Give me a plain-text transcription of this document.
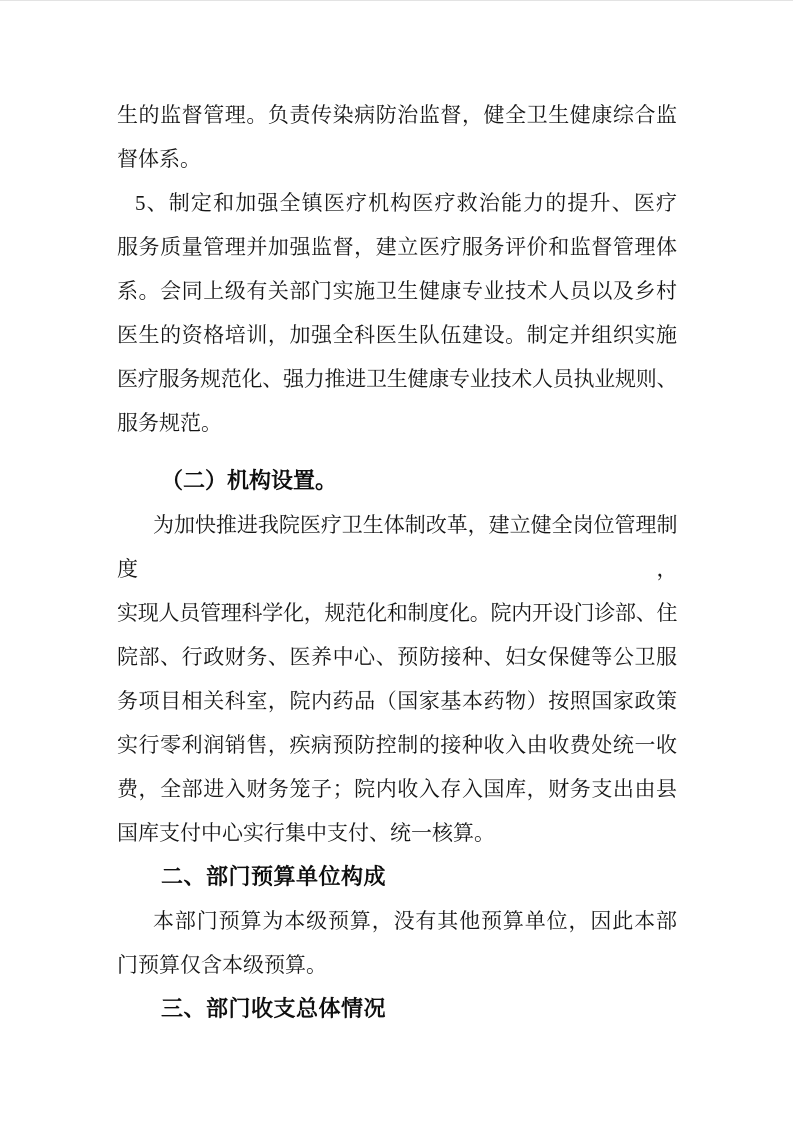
生的监督管理。负责传染病防治监督，健全卫生健康综合监
督体系。
5、制定和加强全镇医疗机构医疗救治能力的提升、医疗
服务质量管理并加强监督，建立医疗服务评价和监督管理体
系。会同上级有关部门实施卫生健康专业技术人员以及乡村
医生的资格培训，加强全科医生队伍建设。制定并组织实施
医疗服务规范化、强力推进卫生健康专业技术人员执业规则、
服务规范。
（二）机构设置。
为加快推进我院医疗卫生体制改革，建立健全岗位管理制度，
实现人员管理科学化，规范化和制度化。院内开设门诊部、住
院部、行政财务、医养中心、预防接种、妇女保健等公卫服
务项目相关科室，院内药品（国家基本药物）按照国家政策
实行零利润销售，疾病预防控制的接种收入由收费处统一收
费，全部进入财务笼子；院内收入存入国库，财务支出由县
国库支付中心实行集中支付、统一核算。
二、部门预算单位构成
本部门预算为本级预算，没有其他预算单位，因此本部
门预算仅含本级预算。
三、部门收支总体情况
